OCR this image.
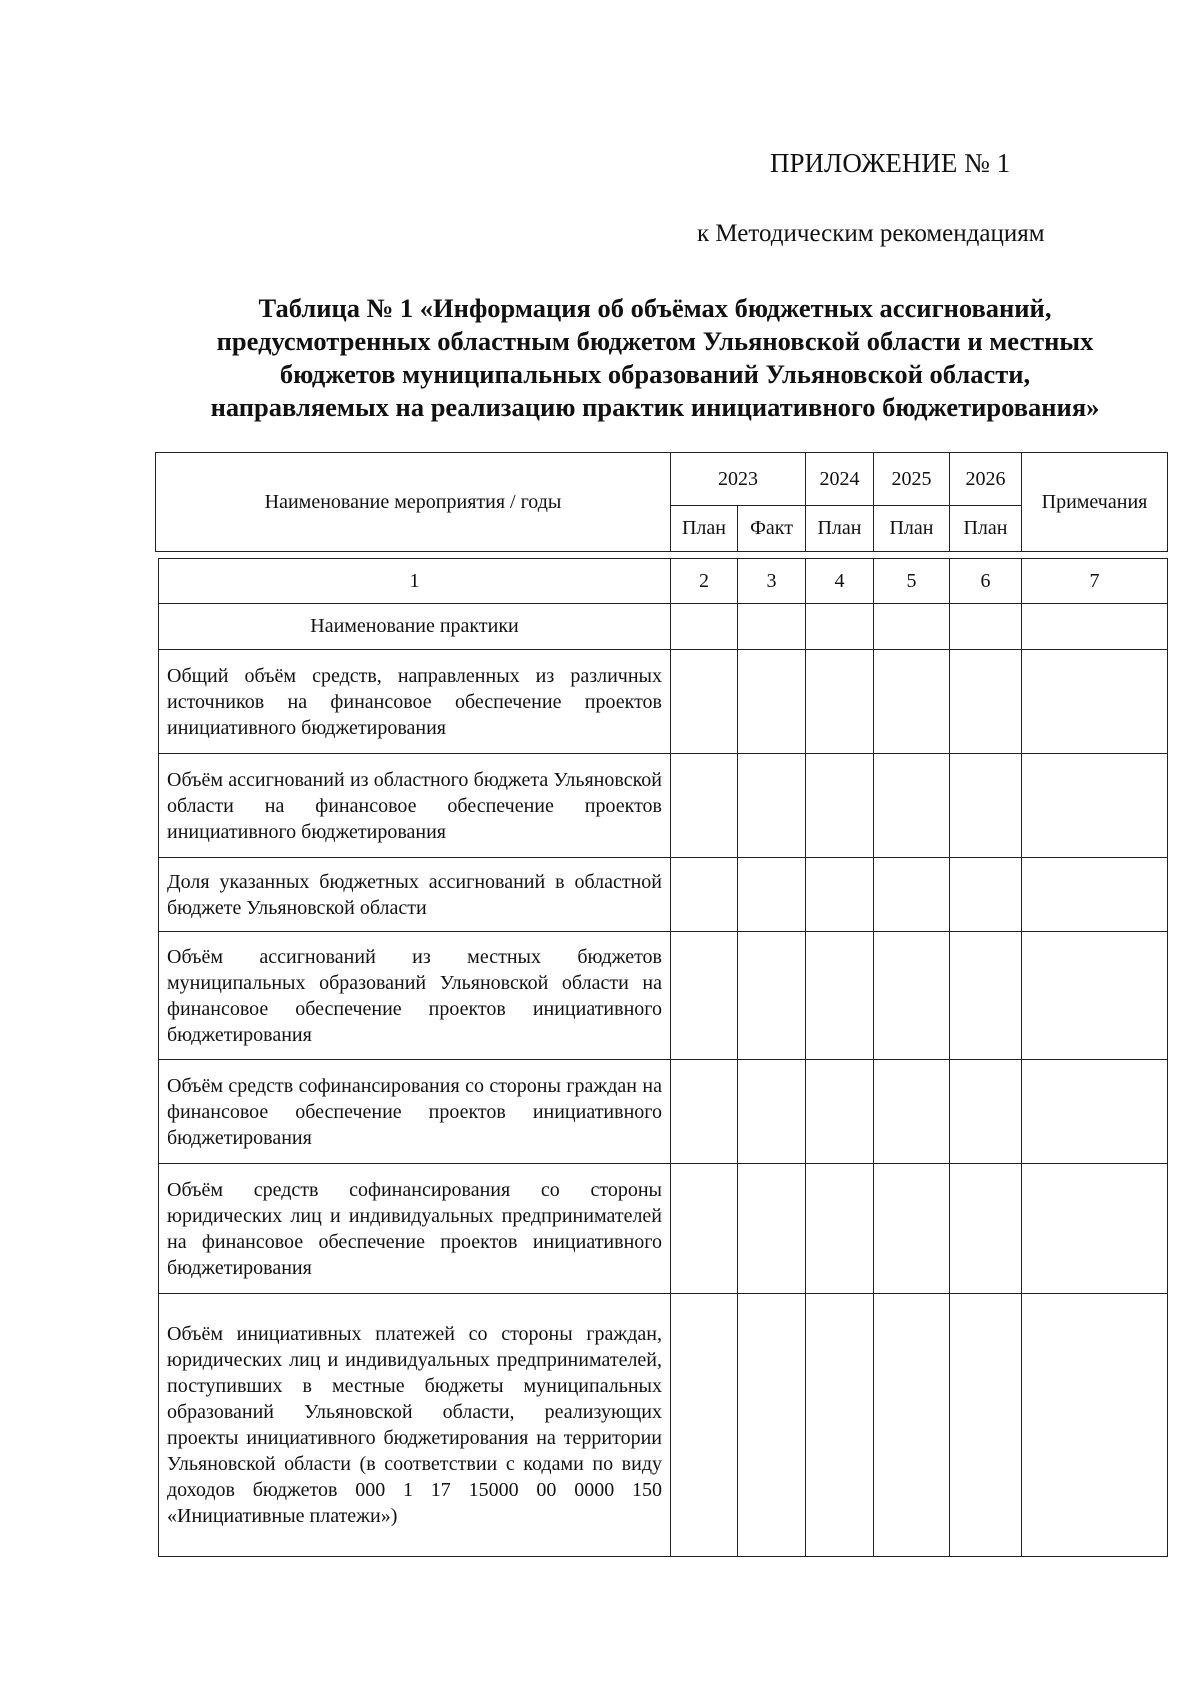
ПРИЛОЖЕНИЕ № 1
к Методическим рекомендациям
Таблица № 1 «Информация об объёмах бюджетных ассигнований,
предусмотренных областным бюджетом Ульяновской области и местных
бюджетов муниципальных образований Ульяновской области,
направляемых на реализацию практик инициативного бюджетирования»
Наименование мероприятия / годы	2023		2024	2025	2026	Примечания
	План	Факт	План	План	План	
1	2	3	4	5	6	7
Наименование практики						
Общий объём средств, направленных из различных источников на финансовое обеспечение проектов инициативного бюджетирования						
Объём ассигнований из областного бюджета Ульяновской области на финансовое обеспечение проектов инициативного бюджетирования						
Доля указанных бюджетных ассигнований в областной бюджете Ульяновской области						
Объём ассигнований из местных бюджетов муниципальных образований Ульяновской области на финансовое обеспечение проектов инициативного бюджетирования						
Объём средств софинансирования со стороны граждан на финансовое обеспечение проектов инициативного бюджетирования						
Объём средств софинансирования со стороны юридических лиц и индивидуальных предпринимателей на финансовое обеспечение проектов инициативного бюджетирования						
Объём инициативных платежей со стороны граждан, юридических лиц и индивидуальных предпринимателей, поступивших в местные бюджеты муниципальных образований Ульяновской области, реализующих проекты инициативного бюджетирования на территории Ульяновской области (в соответствии с кодами по виду доходов бюджетов 000 1 17 15000 00 0000 150 «Инициативные платежи»)						
